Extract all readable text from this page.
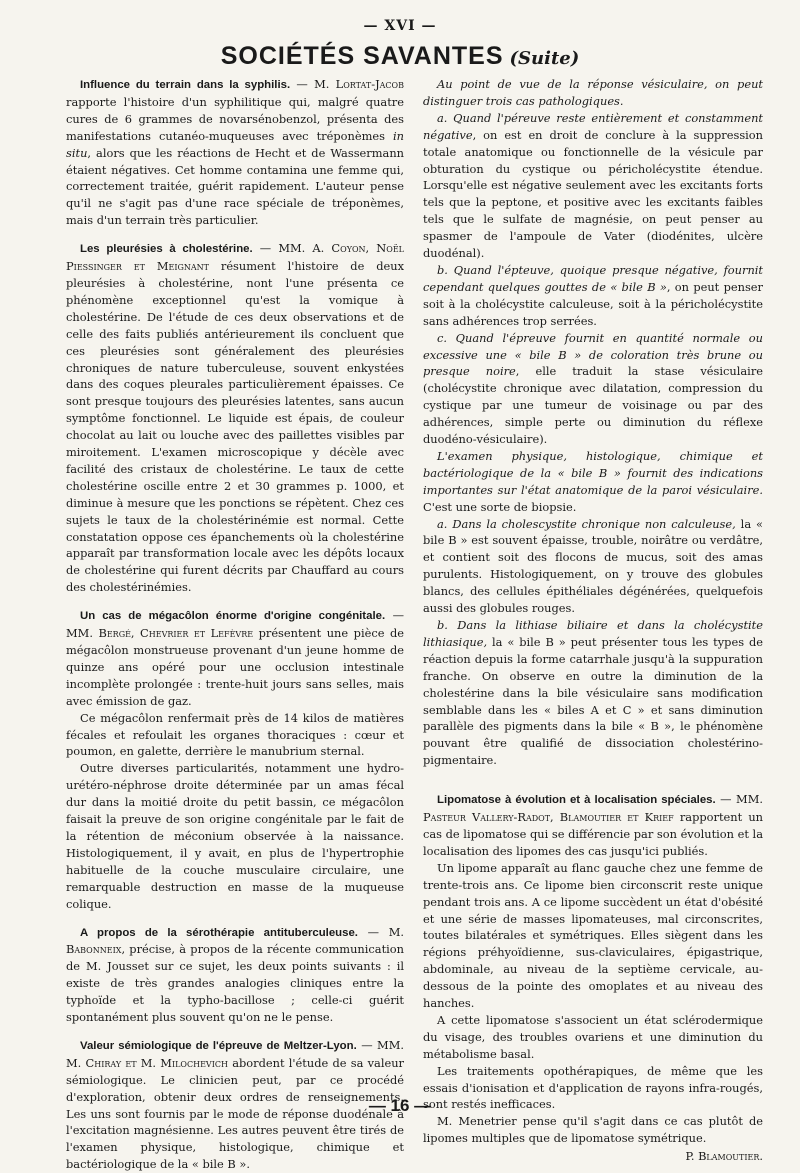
— XVI —
SOCIÉTÉS SAVANTES (Suite)

Influence du terrain dans la syphilis. — M. Lortat-Jacob rapporte l'histoire d'un syphilitique qui, malgré quatre cures de 6 grammes de novarsénobenzol, présenta des manifestations cutanéo-muqueuses avec tréponèmes in situ, alors que les réactions de Hecht et de Wassermann étaient négatives. Cet homme contamina une femme qui, correctement traitée, guérit rapidement. L'auteur pense qu'il ne s'agit pas d'une race spéciale de tréponèmes, mais d'un terrain très particulier.

Les pleurésies à cholestérine. — MM. A. Coyon, Noël Piessinger et Meignant résument l'histoire de deux pleurésies à cholestérine, nont l'une présenta ce phénomène exceptionnel qu'est la vomique à cholestérine. De l'étude de ces deux observations et de celle des faits publiés antérieurement ils concluent que ces pleurésies sont généralement des pleurésies chroniques de nature tuberculeuse, souvent enkystées dans des coques pleurales particulièrement épaisses. Ce sont presque toujours des pleurésies latentes, sans aucun symptôme fonctionnel. Le liquide est épais, de couleur chocolat au lait ou louche avec des paillettes visibles par miroitement. L'examen microscopique y décèle avec facilité des cristaux de cholestérine. Le taux de cette cholestérine oscille entre 2 et 30 grammes p. 1000, et diminue à mesure que les ponctions se répètent. Chez ces sujets le taux de la cholestérinémie est normal. Cette constatation oppose ces épanchements où la cholestérine apparaît par transformation locale avec les dépôts locaux de cholestérine qui furent décrits par Chauffard au cours des cholestérinémies.

Un cas de mégacôlon énorme d'origine congénitale. — MM. Bergé, Chevrier et Lefèvre présentent une pièce de mégacôlon monstrueuse provenant d'un jeune homme de quinze ans opéré pour une occlusion intestinale incomplète prolongée : trente-huit jours sans selles, mais avec émission de gaz.

Ce mégacôlon renfermait près de 14 kilos de matières fécales et refoulait les organes thoraciques : cœur et poumon, en galette, derrière le manubrium sternal.

Outre diverses particularités, notamment une hydro-urétéro-néphrose droite déterminée par un amas fécal dur dans la moitié droite du petit bassin, ce mégacôlon faisait la preuve de son origine congénitale par le fait de la rétention de méconium observée à la naissance. Histologiquement, il y avait, en plus de l'hypertrophie habituelle de la couche musculaire circulaire, une remarquable destruction en masse de la muqueuse colique.

A propos de la sérothérapie antituberculeuse. — M. Babonneix, précise, à propos de la récente communication de M. Jousset sur ce sujet, les deux points suivants : il existe de très grandes analogies cliniques entre la typhoïde et la typho-bacillose ; celle-ci guérit spontanément plus souvent qu'on ne le pense.

Valeur sémiologique de l'épreuve de Meltzer-Lyon. — MM. M. Chiray et M. Milochevich abordent l'étude de sa valeur sémiologique. Le clinicien peut, par ce procédé d'exploration, obtenir deux ordres de renseignements. Les uns sont fournis par le mode de réponse duodénale à l'excitation magnésienne. Les autres peuvent être tirés de l'examen physique, histologique, chimique et bactériologique de la « bile B ».

Au point de vue de la réponse vésiculaire, on peut distinguer trois cas pathologiques.

a. Quand l'péreuve reste entièrement et constamment négative, on est en droit de conclure à la suppression totale anatomique ou fonctionnelle de la vésicule par obturation du cystique ou péricholécystite étendue. Lorsqu'elle est négative seulement avec les excitants forts tels que la peptone, et positive avec les excitants faibles tels que le sulfate de magnésie, on peut penser au spasmer de l'ampoule de Vater (diodénites, ulcère duodénal).

b. Quand l'épteuve, quoique presque négative, fournit cependant quelques gouttes de « bile B », on peut penser soit à la cholécystite calculeuse, soit à la péricholécystite sans adhérences trop serrées.

c. Quand l'épreuve fournit en quantité normale ou excessive une « bile B » de coloration très brune ou presque noire, elle traduit la stase vésiculaire (cholécystite chronique avec dilatation, compression du cystique par une tumeur de voisinage ou par des adhérences, simple perte ou diminution du réflexe duodéno-vésiculaire).

L'examen physique, histologique, chimique et bactériologique de la « bile B » fournit des indications importantes sur l'état anatomique de la paroi vésiculaire. C'est une sorte de biopsie.

a. Dans la cholescystite chronique non calculeuse, la « bile B » est souvent épaisse, trouble, noirâtre ou verdâtre, et contient soit des flocons de mucus, soit des amas purulents. Histologiquement, on y trouve des globules blancs, des cellules épithéliales dégénérées, quelquefois aussi des globules rouges.

b. Dans la lithiase biliaire et dans la cholécystite lithiasique, la « bile B » peut présenter tous les types de réaction depuis la forme catarrhale jusqu'à la suppuration franche. On observe en outre la diminution de la cholestérine dans la bile vésiculaire sans modification semblable dans les « biles A et C » et sans diminution parallèle des pigments dans la bile « B », le phénomène pouvant être qualifié de dissociation cholestérino-pigmentaire.

Lipomatose à évolution et à localisation spéciales. — MM. Pasteur Vallery-Radot, Blamoutier et Krief rapportent un cas de lipomatose qui se différencie par son évolution et la localisation des lipomes des cas jusqu'ici publiés.

Un lipome apparaît au flanc gauche chez une femme de trente-trois ans. Ce lipome bien circonscrit reste unique pendant trois ans. A ce lipome succèdent un état d'obésité et une série de masses lipomateuses, mal circonscrites, toutes bilatérales et symétriques. Elles siègent dans les régions préhyoïdienne, sus-claviculaires, épigastrique, abdominale, au niveau de la septième cervicale, au-dessous de la pointe des omoplates et au niveau des hanches.

A cette lipomatose s'associent un état sclérodermique du visage, des troubles ovariens et une diminution du métabolisme basal.

Les traitements opothérapiques, de même que les essais d'ionisation et d'application de rayons infra-rougés, sont restés inefficaces.

M. Menetrier pense qu'il s'agit dans ce cas plutôt de lipomes multiples que de lipomatose symétrique.

P. Blamoutier.
— 16 —
